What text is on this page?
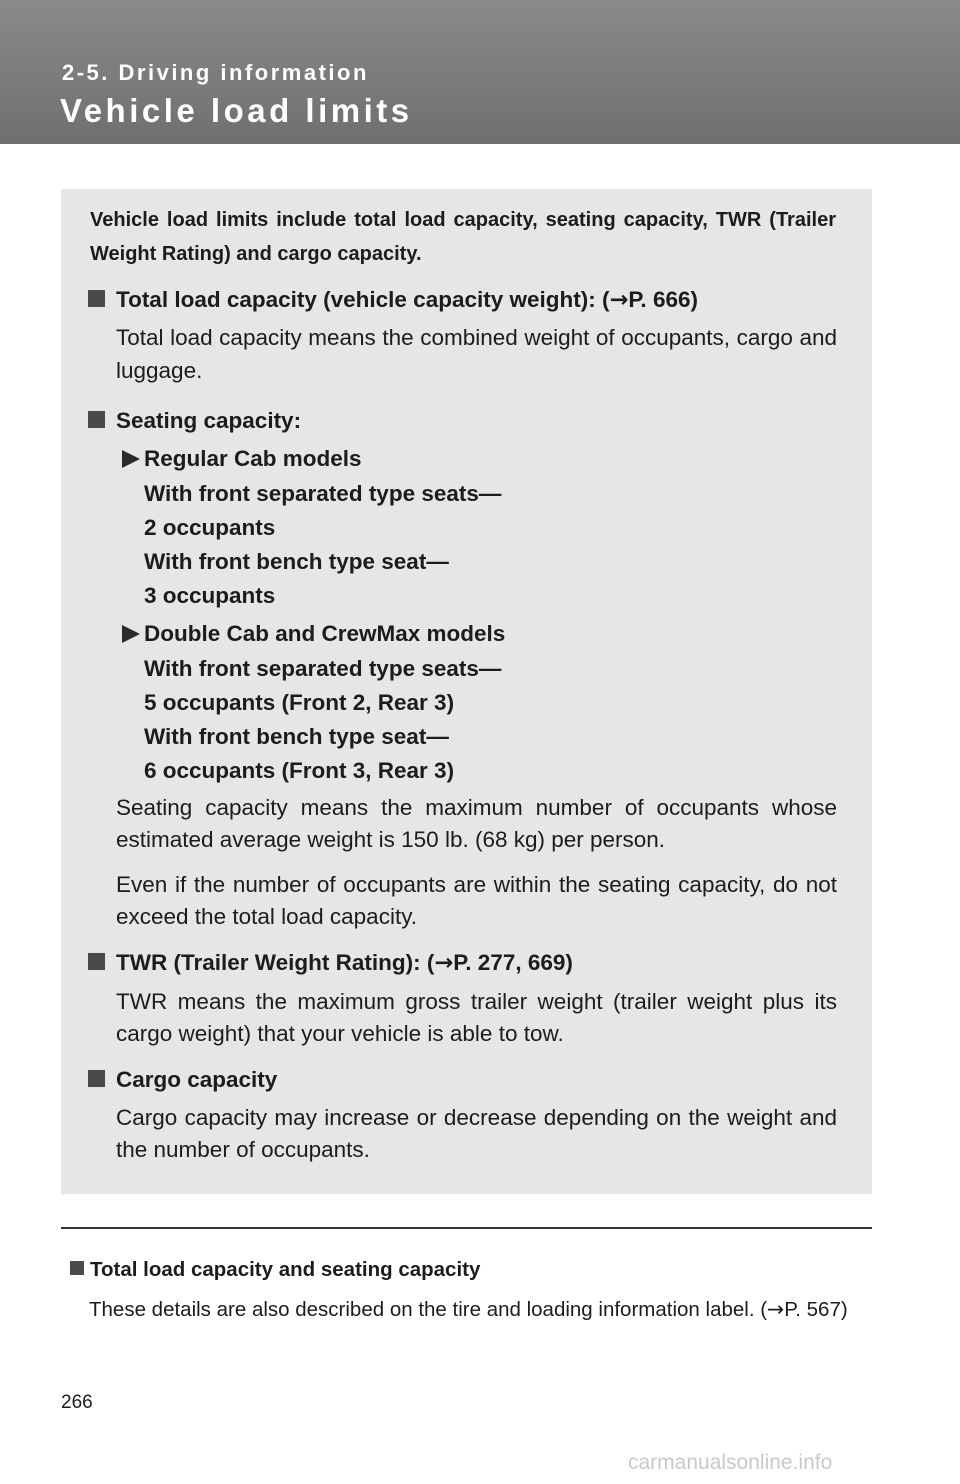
2-5. Driving information
Vehicle load limits

Vehicle load limits include total load capacity, seating capacity, TWR (Trailer Weight Rating) and cargo capacity.

Total load capacity (vehicle capacity weight): (→P. 666)

Total load capacity means the combined weight of occupants, cargo and luggage.

Seating capacity:

Regular Cab models

With front separated type seats—

2 occupants

With front bench type seat—

3 occupants

Double Cab and CrewMax models

With front separated type seats—

5 occupants (Front 2, Rear 3)

With front bench type seat—

6 occupants (Front 3, Rear 3)

Seating capacity means the maximum number of occupants whose estimated average weight is 150 lb. (68 kg) per person.

Even if the number of occupants are within the seating capacity, do not exceed the total load capacity.

TWR (Trailer Weight Rating): (→P. 277, 669)

TWR means the maximum gross trailer weight (trailer weight plus its cargo weight) that your vehicle is able to tow.

Cargo capacity

Cargo capacity may increase or decrease depending on the weight and the number of occupants.

Total load capacity and seating capacity

These details are also described on the tire and loading information label. (→P. 567)

266
carmanualsonline.info
